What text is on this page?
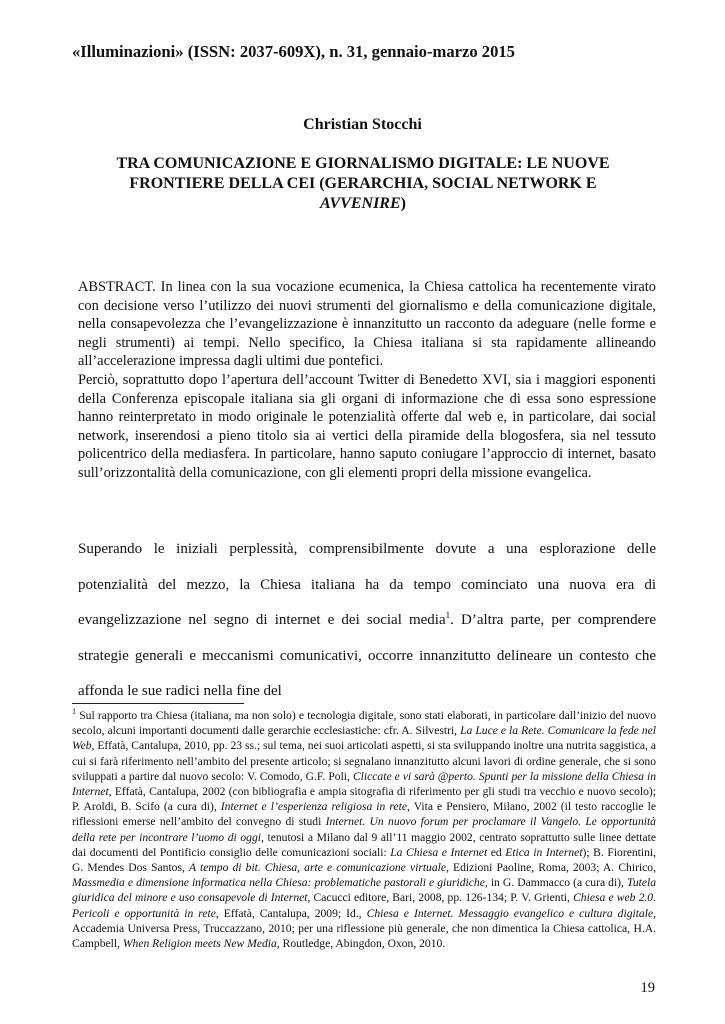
«Illuminazioni» (ISSN: 2037-609X), n. 31, gennaio-marzo 2015
Christian Stocchi
TRA COMUNICAZIONE E GIORNALISMO DIGITALE: LE NUOVE FRONTIERE DELLA CEI (GERARCHIA, SOCIAL NETWORK E AVVENIRE)

ABSTRACT. In linea con la sua vocazione ecumenica, la Chiesa cattolica ha recentemente virato con decisione verso l’utilizzo dei nuovi strumenti del giornalismo e della comunicazione digitale, nella consapevolezza che l’evangelizzazione è innanzitutto un racconto da adeguare (nelle forme e negli strumenti) ai tempi. Nello specifico, la Chiesa italiana si sta rapidamente allineando all’accelerazione impressa dagli ultimi due pontefici.

Perciò, soprattutto dopo l’apertura dell’account Twitter di Benedetto XVI, sia i maggiori esponenti della Conferenza episcopale italiana sia gli organi di informazione che di essa sono espressione hanno reinterpretato in modo originale le potenzialità offerte dal web e, in particolare, dai social network, inserendosi a pieno titolo sia ai vertici della piramide della blogosfera, sia nel tessuto policentrico della mediasfera. In particolare, hanno saputo coniugare l’approccio di internet, basato sull’orizzontalità della comunicazione, con gli elementi propri della missione evangelica.

Superando le iniziali perplessità, comprensibilmente dovute a una esplorazione delle potenzialità del mezzo, la Chiesa italiana ha da tempo cominciato una nuova era di evangelizzazione nel segno di internet e dei social media$^1$. D’altra parte, per comprendere strategie generali e meccanismi comunicativi, occorre innanzitutto delineare un contesto che affonda le sue radici nella fine del

$^1$ Sul rapporto tra Chiesa (italiana, ma non solo) e tecnologia digitale, sono stati elaborati, in particolare dall’inizio del nuovo secolo, alcuni importanti documenti dalle gerarchie ecclesiastiche: cfr. A. Silvestri, La Luce e la Rete. Comunicare la fede nel Web, Effatà, Cantalupa, 2010, pp. 23 ss.; sul tema, nei suoi articolati aspetti, si sta sviluppando inoltre una nutrita saggistica, a cui si farà riferimento nell’ambito del presente articolo; si segnalano innanzitutto alcuni lavori di ordine generale, che si sono sviluppati a partire dal nuovo secolo: V. Comodo, G.F. Poli, Cliccate e vi sarà @perto. Spunti per la missione della Chiesa in Internet, Effatà, Cantalupa, 2002 (con bibliografia e ampia sitografia di riferimento per gli studi tra vecchio e nuovo secolo); P. Aroldi, B. Scifo (a cura di), Internet e l’esperienza religiosa in rete, Vita e Pensiero, Milano, 2002 (il testo raccoglie le riflessioni emerse nell’ambito del convegno di studi Internet. Un nuovo forum per proclamare il Vangelo. Le opportunità della rete per incontrare l’uomo di oggi, tenutosi a Milano dal 9 all’11 maggio 2002, centrato soprattutto sulle linee dettate dai documenti del Pontificio consiglio delle comunicazioni sociali: La Chiesa e Internet ed Etica in Internet); B. Fiorentini, G. Mendes Dos Santos, A tempo di bit. Chiesa, arte e comunicazione virtuale, Edizioni Paoline, Roma, 2003; A. Chirico, Massmedia e dimensione informatica nella Chiesa: problematiche pastorali e giuridiche, in G. Dammacco (a cura di), Tutela giuridica del minore e uso consapevole di Internet, Cacucci editore, Bari, 2008, pp. 126-134; P. V. Grienti, Chiesa e web 2.0. Pericoli e opportunità in rete, Effatà, Cantalupa, 2009; Id., Chiesa e Internet. Messaggio evangelico e cultura digitale, Accademia Universa Press, Truccazzano, 2010; per una riflessione più generale, che non dimentica la Chiesa cattolica, H.A. Campbell, When Religion meets New Media, Routledge, Abingdon, Oxon, 2010.
19
